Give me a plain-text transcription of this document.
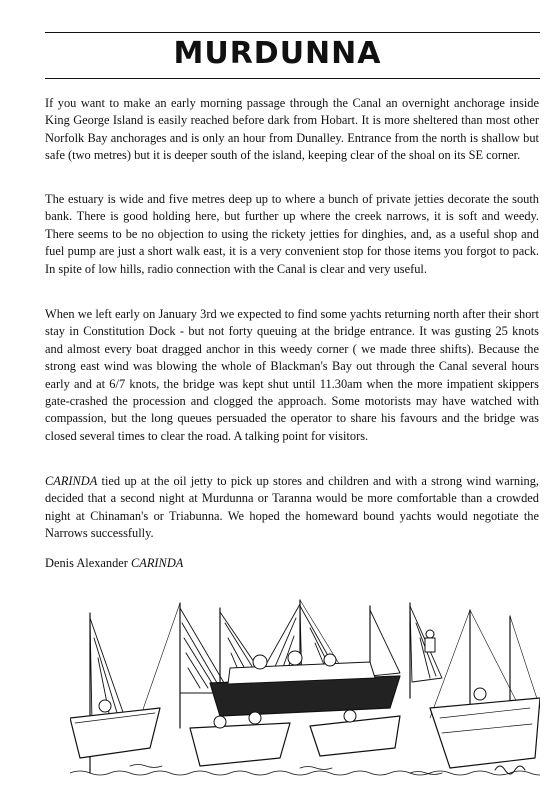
MURDUNNA

If you want to make an early morning passage through the Canal an overnight anchorage inside King George Island is easily reached before dark from Hobart. It is more sheltered than most other Norfolk Bay anchorages and is only an hour from Dunalley. Entrance from the north is shallow but safe (two metres) but it is deeper south of the island, keeping clear of the shoal on its SE corner.

The estuary is wide and five metres deep up to where a bunch of private jetties decorate the south bank. There is good holding here, but further up where the creek narrows, it is soft and weedy. There seems to be no objection to using the rickety jetties for dinghies, and, as a useful shop and fuel pump are just a short walk east, it is a very convenient stop for those items you forgot to pack. In spite of low hills, radio connection with the Canal is clear and very useful.

When we left early on January 3rd we expected to find some yachts returning north after their short stay in Constitution Dock - but not forty queuing at the bridge entrance. It was gusting 25 knots and almost every boat dragged anchor in this weedy corner ( we made three shifts). Because the strong east wind was blowing the whole of Blackman's Bay out through the Canal several hours early and at 6/7 knots, the bridge was kept shut until 11.30am when the more impatient skippers gate-crashed the procession and clogged the approach. Some motorists may have watched with compassion, but the long queues persuaded the operator to share his favours and the bridge was closed several times to clear the road. A talking point for visitors.

CARINDA tied up at the oil jetty to pick up stores and children and with a strong wind warning, decided that a second night at Murdunna or Taranna would be more comfortable than a crowded night at Chinaman's or Triabunna. We hoped the homeward bound yachts would negotiate the Narrows successfully.

Denis Alexander CARINDA
